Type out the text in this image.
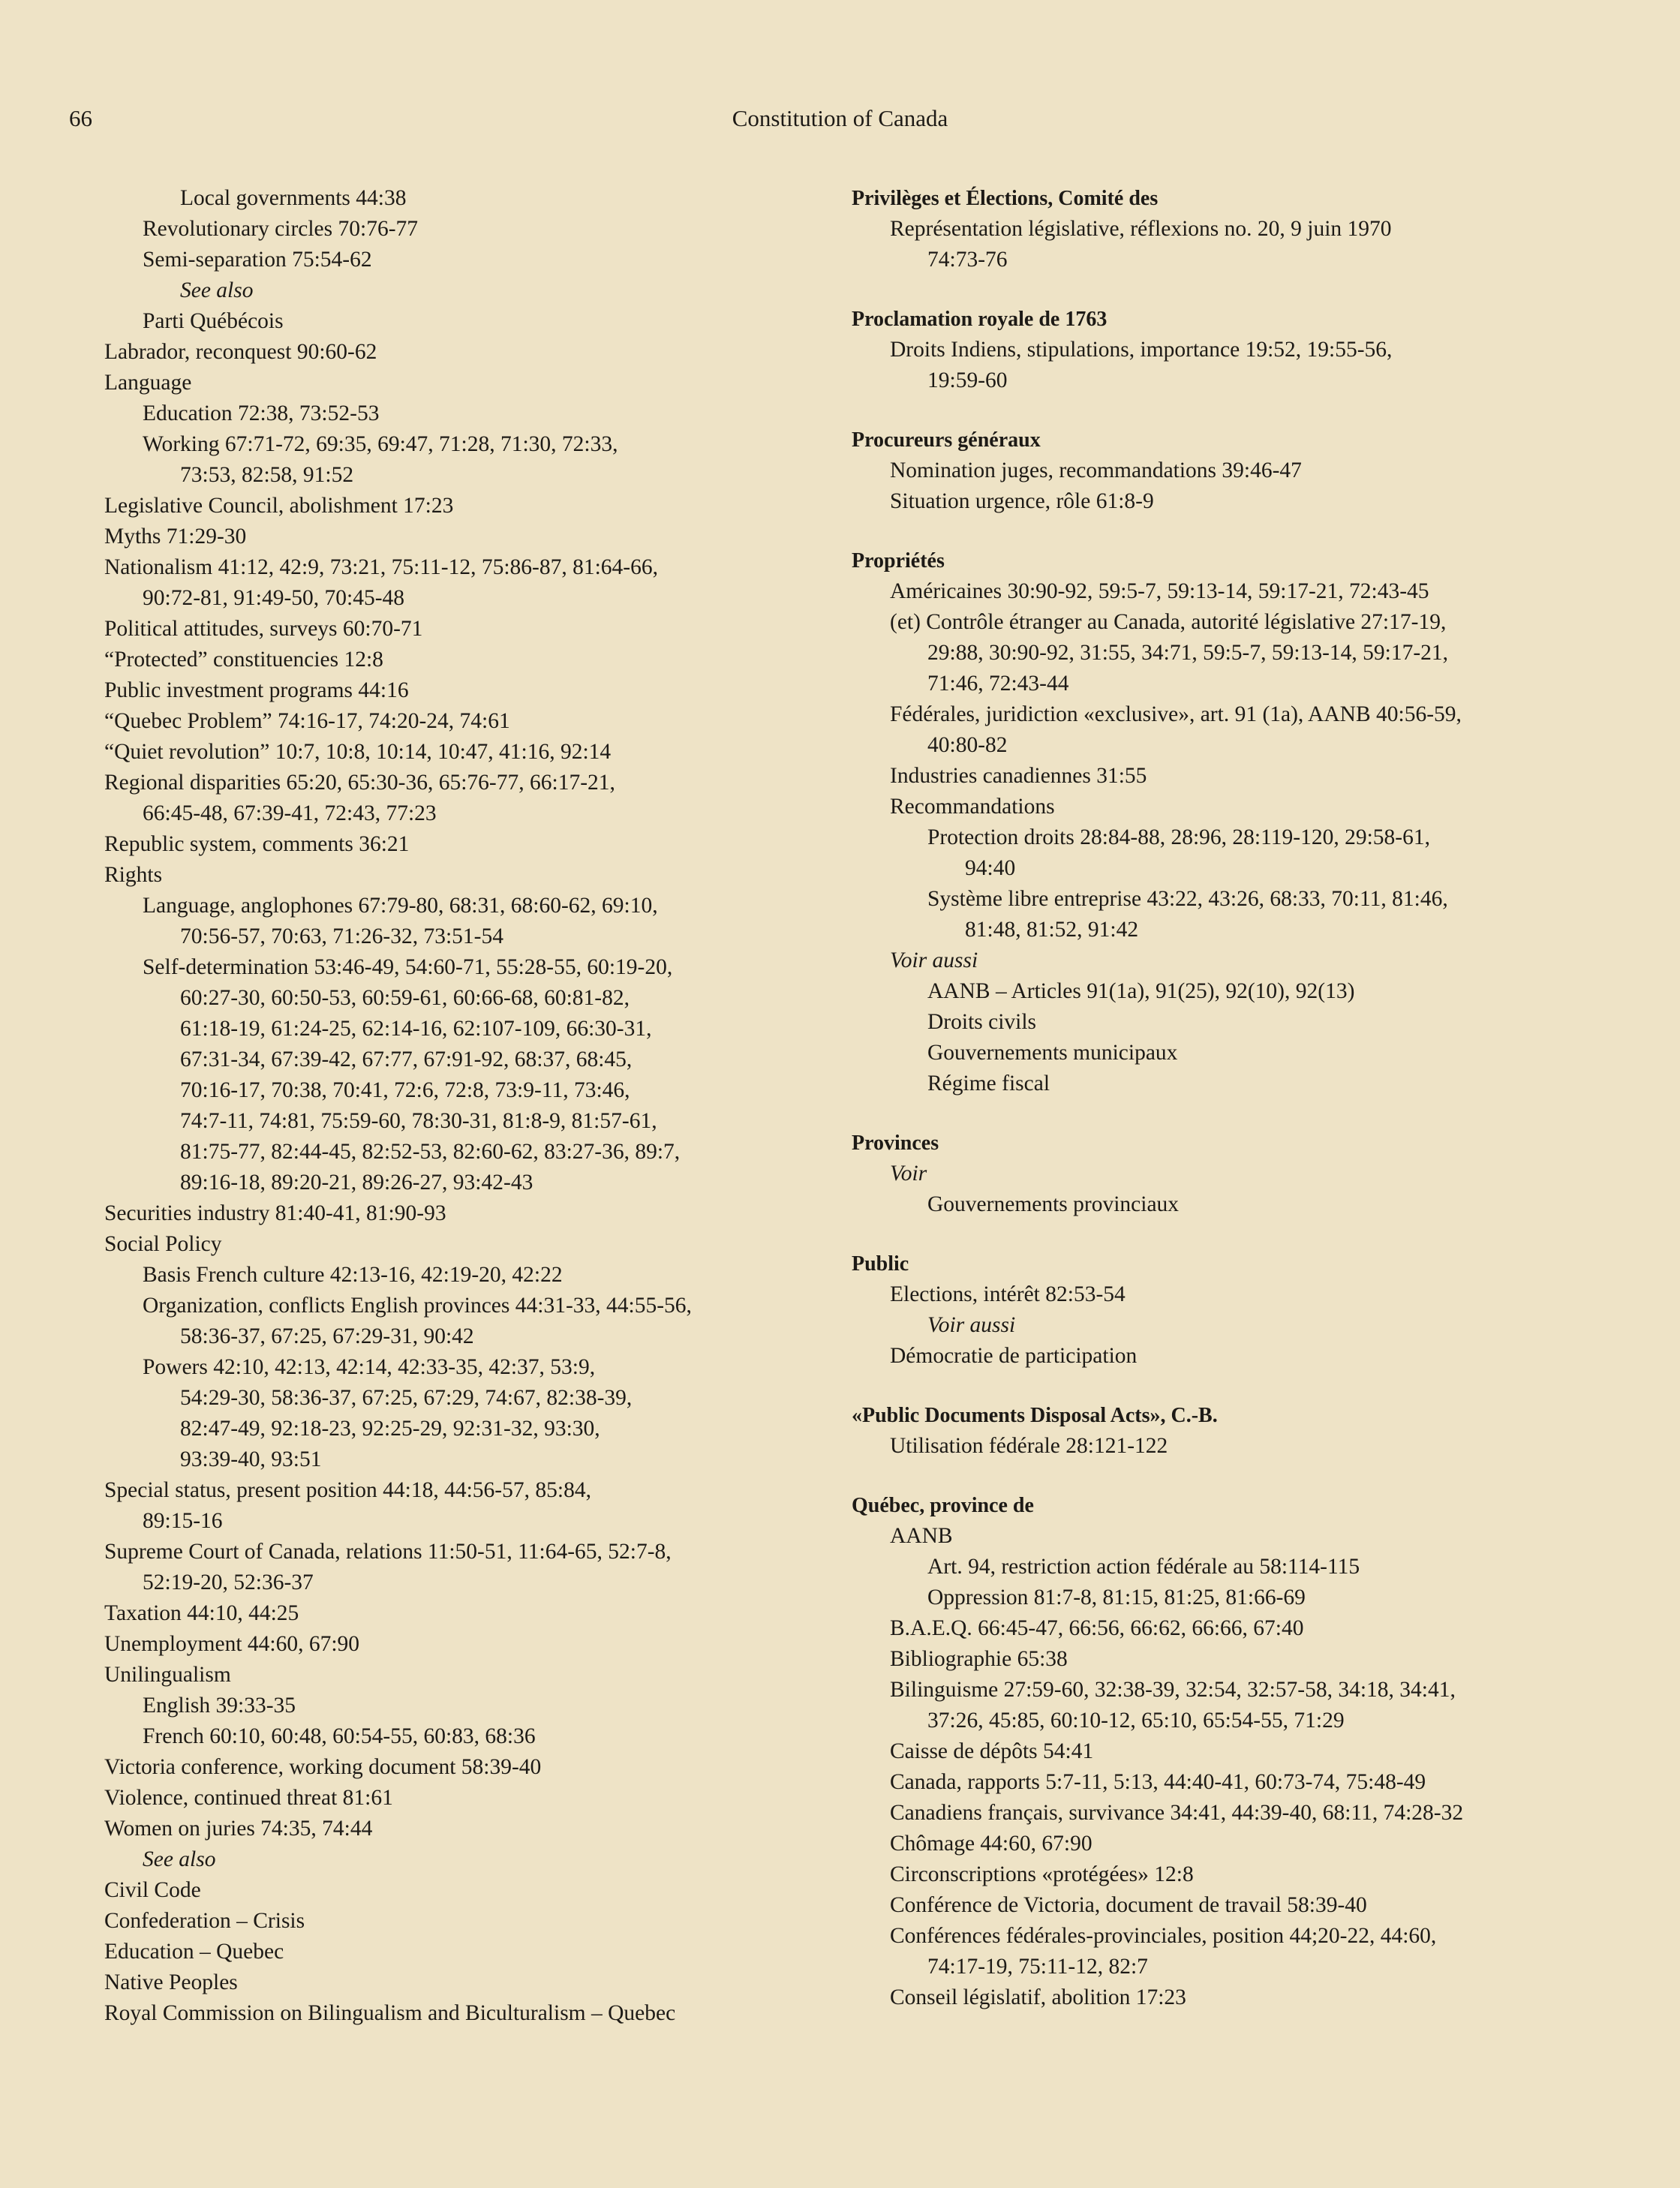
66	Constitution of Canada
Local governments 44:38
Revolutionary circles 70:76-77
Semi-separation 75:54-62
See also
Parti Québécois
Labrador, reconquest 90:60-62
Language
Education 72:38, 73:52-53
Working 67:71-72, 69:35, 69:47, 71:28, 71:30, 72:33,
73:53, 82:58, 91:52
Legislative Council, abolishment 17:23
Myths 71:29-30
Nationalism 41:12, 42:9, 73:21, 75:11-12, 75:86-87, 81:64-66,
90:72-81, 91:49-50, 70:45-48
Political attitudes, surveys 60:70-71
“Protected” constituencies 12:8
Public investment programs 44:16
“Quebec Problem” 74:16-17, 74:20-24, 74:61
“Quiet revolution” 10:7, 10:8, 10:14, 10:47, 41:16, 92:14
Regional disparities 65:20, 65:30-36, 65:76-77, 66:17-21,
66:45-48, 67:39-41, 72:43, 77:23
Republic system, comments 36:21
Rights
Language, anglophones 67:79-80, 68:31, 68:60-62, 69:10,
70:56-57, 70:63, 71:26-32, 73:51-54
Self-determination 53:46-49, 54:60-71, 55:28-55, 60:19-20,
60:27-30, 60:50-53, 60:59-61, 60:66-68, 60:81-82,
61:18-19, 61:24-25, 62:14-16, 62:107-109, 66:30-31,
67:31-34, 67:39-42, 67:77, 67:91-92, 68:37, 68:45,
70:16-17, 70:38, 70:41, 72:6, 72:8, 73:9-11, 73:46,
74:7-11, 74:81, 75:59-60, 78:30-31, 81:8-9, 81:57-61,
81:75-77, 82:44-45, 82:52-53, 82:60-62, 83:27-36, 89:7,
89:16-18, 89:20-21, 89:26-27, 93:42-43
Securities industry 81:40-41, 81:90-93
Social Policy
Basis French culture 42:13-16, 42:19-20, 42:22
Organization, conflicts English provinces 44:31-33, 44:55-56,
58:36-37, 67:25, 67:29-31, 90:42
Powers 42:10, 42:13, 42:14, 42:33-35, 42:37, 53:9,
54:29-30, 58:36-37, 67:25, 67:29, 74:67, 82:38-39,
82:47-49, 92:18-23, 92:25-29, 92:31-32, 93:30,
93:39-40, 93:51
Special status, present position 44:18, 44:56-57, 85:84,
89:15-16
Supreme Court of Canada, relations 11:50-51, 11:64-65, 52:7-8,
52:19-20, 52:36-37
Taxation 44:10, 44:25
Unemployment 44:60, 67:90
Unilingualism
English 39:33-35
French 60:10, 60:48, 60:54-55, 60:83, 68:36
Victoria conference, working document 58:39-40
Violence, continued threat 81:61
Women on juries 74:35, 74:44
See also
Civil Code
Confederation – Crisis
Education – Quebec
Native Peoples
Royal Commission on Bilingualism and Biculturalism – Quebec
Privilèges et Élections, Comité des
Représentation législative, réflexions no. 20, 9 juin 1970
74:73-76
Proclamation royale de 1763
Droits Indiens, stipulations, importance 19:52, 19:55-56,
19:59-60
Procureurs généraux
Nomination juges, recommandations 39:46-47
Situation urgence, rôle 61:8-9
Propriétés
Américaines 30:90-92, 59:5-7, 59:13-14, 59:17-21, 72:43-45
(et) Contrôle étranger au Canada, autorité législative 27:17-19,
29:88, 30:90-92, 31:55, 34:71, 59:5-7, 59:13-14, 59:17-21,
71:46, 72:43-44
Fédérales, juridiction «exclusive», art. 91 (1a), AANB 40:56-59,
40:80-82
Industries canadiennes 31:55
Recommandations
Protection droits 28:84-88, 28:96, 28:119-120, 29:58-61,
94:40
Système libre entreprise 43:22, 43:26, 68:33, 70:11, 81:46,
81:48, 81:52, 91:42
Voir aussi
AANB – Articles 91(1a), 91(25), 92(10), 92(13)
Droits civils
Gouvernements municipaux
Régime fiscal
Provinces
Voir
Gouvernements provinciaux
Public
Elections, intérêt 82:53-54
Voir aussi
Démocratie de participation
«Public Documents Disposal Acts», C.-B.
Utilisation fédérale 28:121-122
Québec, province de
AANB
Art. 94, restriction action fédérale au 58:114-115
Oppression 81:7-8, 81:15, 81:25, 81:66-69
B.A.E.Q. 66:45-47, 66:56, 66:62, 66:66, 67:40
Bibliographie 65:38
Bilinguisme 27:59-60, 32:38-39, 32:54, 32:57-58, 34:18, 34:41,
37:26, 45:85, 60:10-12, 65:10, 65:54-55, 71:29
Caisse de dépôts 54:41
Canada, rapports 5:7-11, 5:13, 44:40-41, 60:73-74, 75:48-49
Canadiens français, survivance 34:41, 44:39-40, 68:11, 74:28-32
Chômage 44:60, 67:90
Circonscriptions «protégées» 12:8
Conférence de Victoria, document de travail 58:39-40
Conférences fédérales-provinciales, position 44;20-22, 44:60,
74:17-19, 75:11-12, 82:7
Conseil législatif, abolition 17:23
